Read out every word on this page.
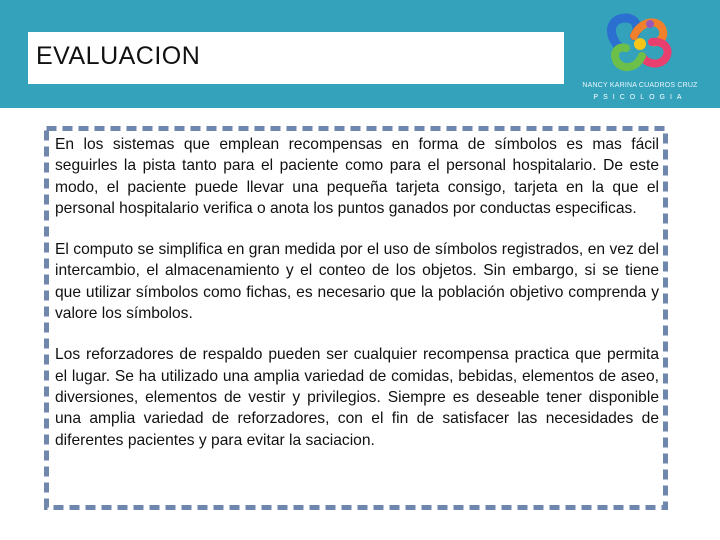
EVALUACION
NANCY KARINA CUADROS CRUZ
PSICOLOGIA

En los sistemas que emplean recompensas en forma de símbolos es mas fácil seguirles la pista tanto para el paciente como para el personal hospitalario. De este modo, el paciente puede llevar una pequeña tarjeta consigo, tarjeta en la que el personal hospitalario verifica o anota los puntos ganados por conductas especificas.

El computo se simplifica en gran medida por el uso de símbolos registrados, en vez del intercambio, el almacenamiento y el conteo de los objetos. Sin embargo, si se tiene que utilizar símbolos como fichas, es necesario que la población objetivo comprenda y valore los símbolos.

Los reforzadores de respaldo pueden ser cualquier recompensa practica que permita el lugar. Se ha utilizado una amplia variedad de comidas, bebidas, elementos de aseo, diversiones, elementos de vestir y privilegios. Siempre es deseable tener disponible una amplia variedad de reforzadores, con el fin de satisfacer las necesidades de diferentes pacientes y para evitar la saciacion.
